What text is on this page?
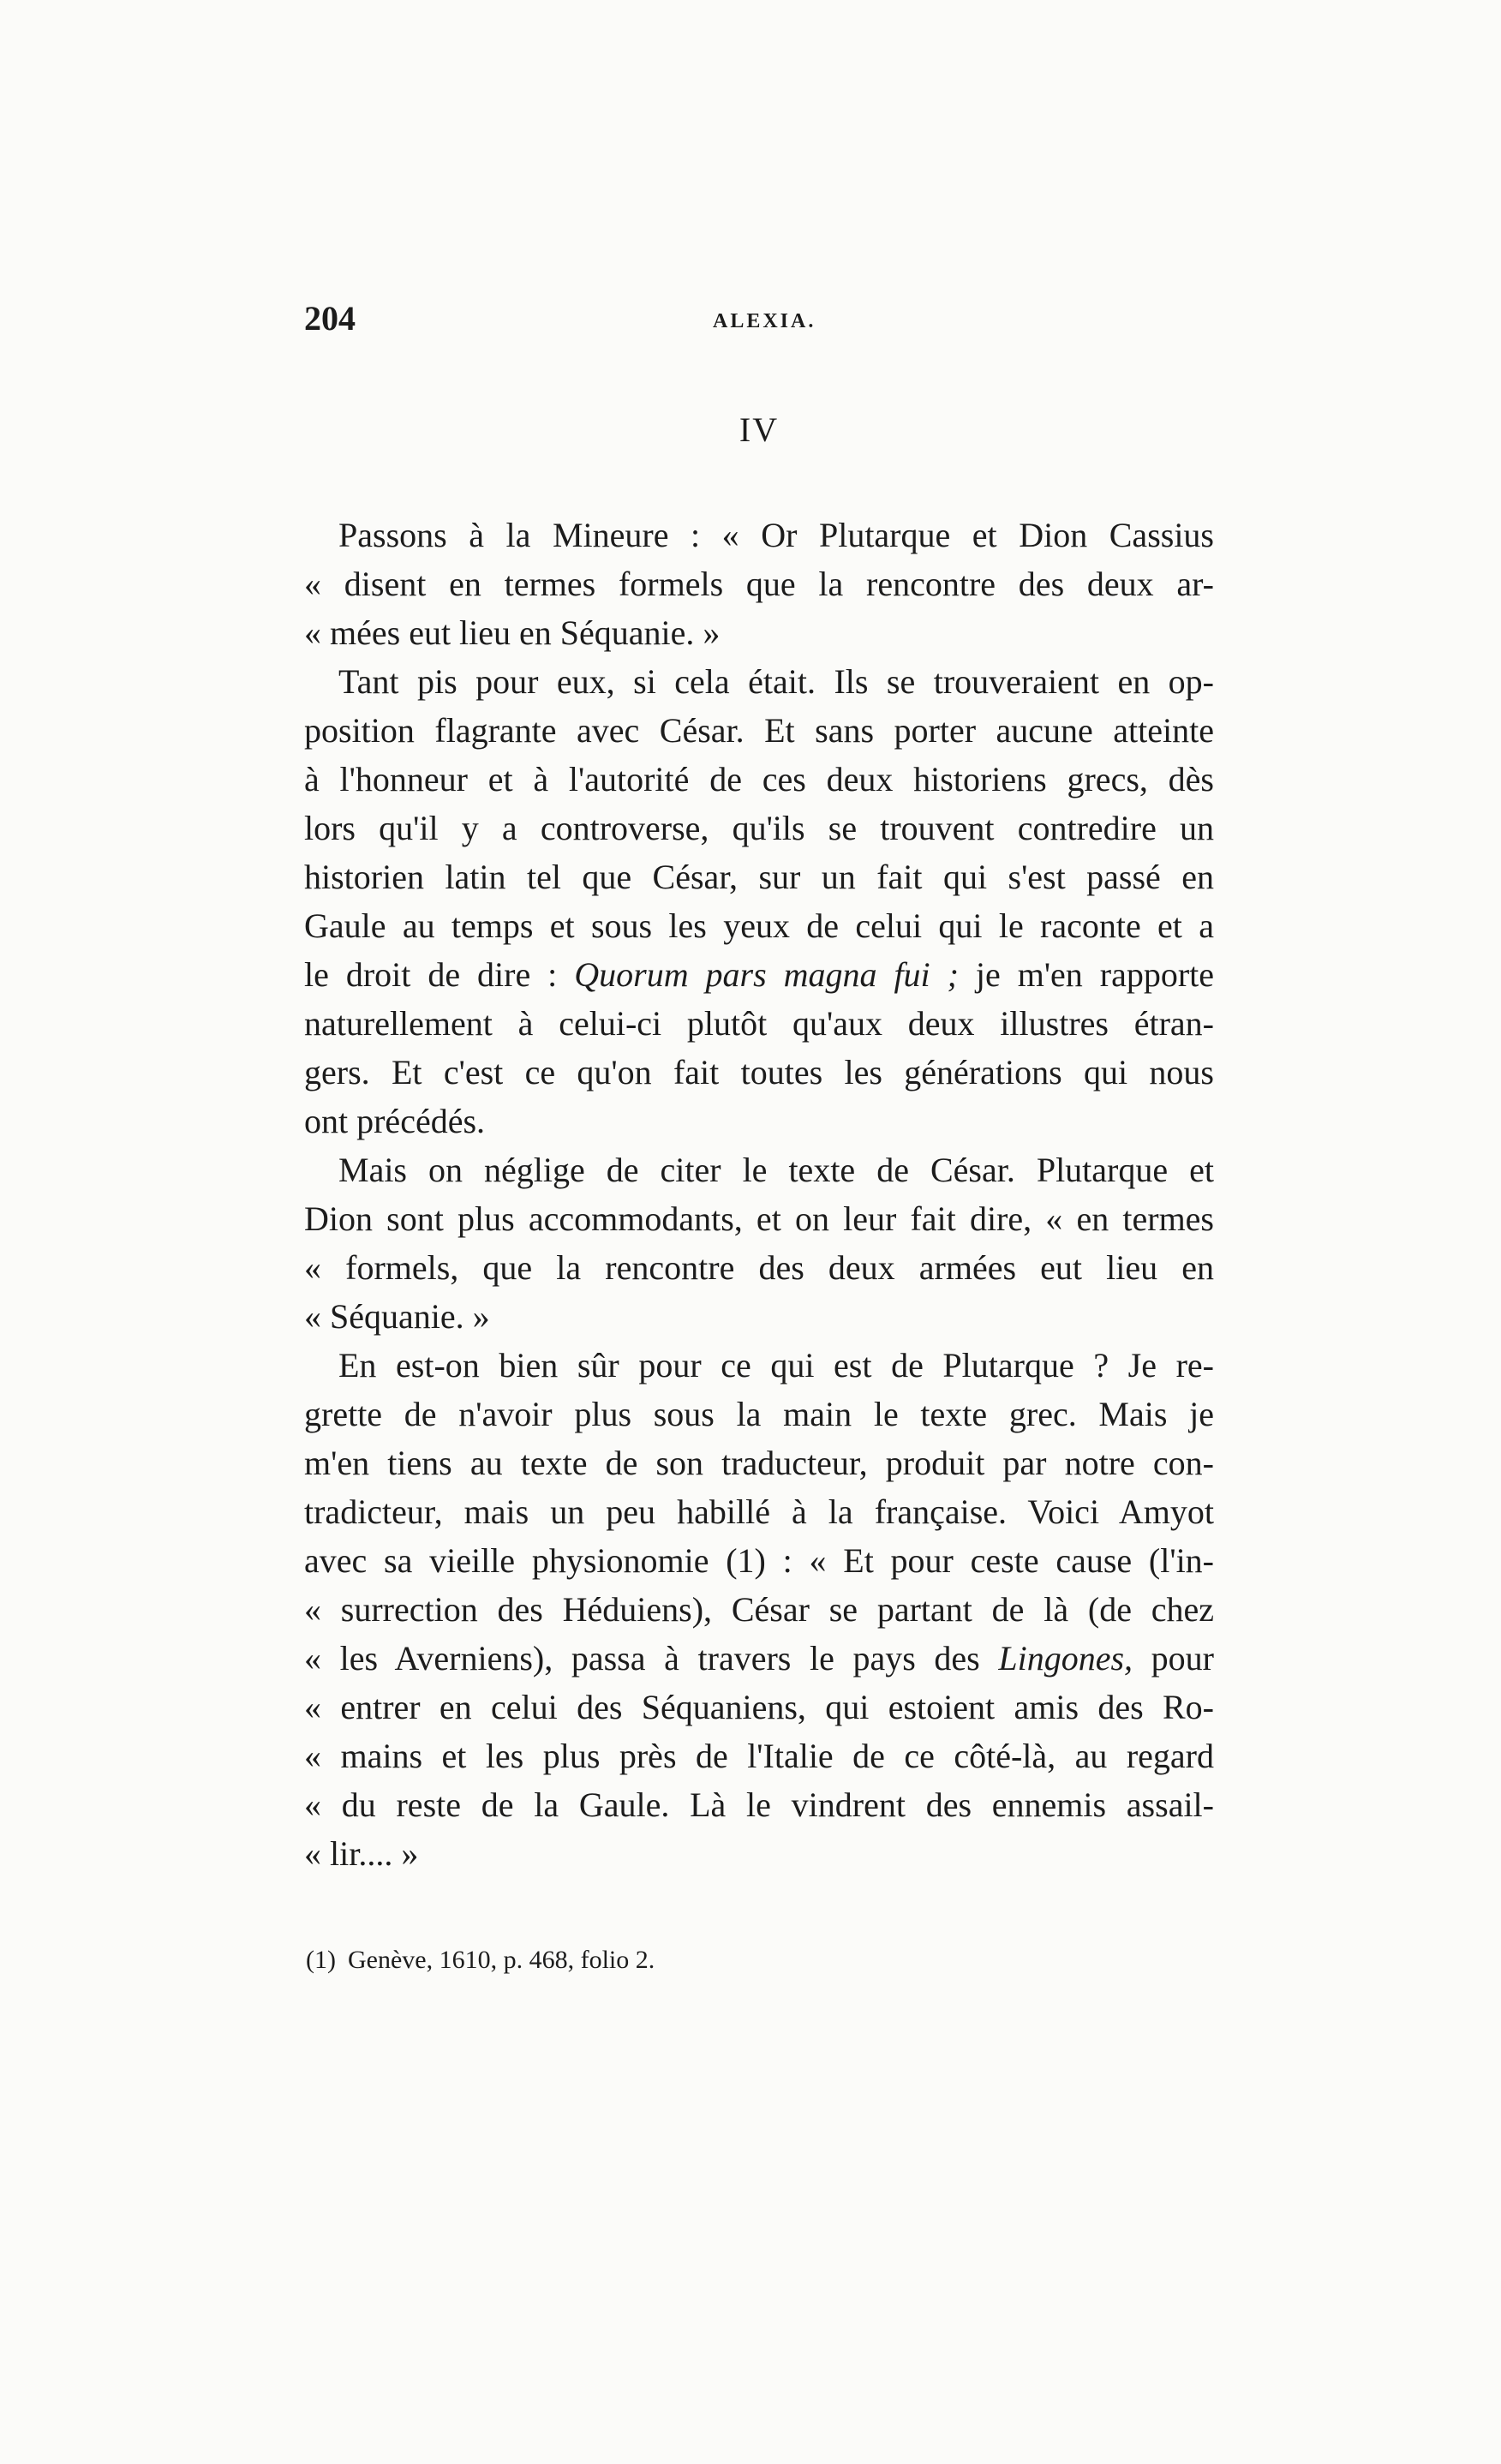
204	ALEXIA.
IV
Passons à la Mineure : « Or Plutarque et Dion Cassius
« disent en termes formels que la rencontre des deux ar-
« mées eut lieu en Séquanie. »
Tant pis pour eux, si cela était. Ils se trouveraient en op-
position flagrante avec César. Et sans porter aucune atteinte
à l'honneur et à l'autorité de ces deux historiens grecs, dès
lors qu'il y a controverse, qu'ils se trouvent contredire un
historien latin tel que César, sur un fait qui s'est passé en
Gaule au temps et sous les yeux de celui qui le raconte et a
le droit de dire : Quorum pars magna fui ; je m'en rapporte
naturellement à celui-ci plutôt qu'aux deux illustres étran-
gers. Et c'est ce qu'on fait toutes les générations qui nous
ont précédés.
Mais on néglige de citer le texte de César. Plutarque et
Dion sont plus accommodants, et on leur fait dire, « en termes
« formels, que la rencontre des deux armées eut lieu en
« Séquanie. »
En est-on bien sûr pour ce qui est de Plutarque ? Je re-
grette de n'avoir plus sous la main le texte grec. Mais je
m'en tiens au texte de son traducteur, produit par notre con-
tradicteur, mais un peu habillé à la française. Voici Amyot
avec sa vieille physionomie (1) : « Et pour ceste cause (l'in-
« surrection des Héduiens), César se partant de là (de chez
« les Averniens), passa à travers le pays des Lingones, pour
« entrer en celui des Séquaniens, qui estoient amis des Ro-
« mains et les plus près de l'Italie de ce côté-là, au regard
« du reste de la Gaule. Là le vindrent des ennemis assail-
« lir.... »
(1) Genève, 1610, p. 468, folio 2.
